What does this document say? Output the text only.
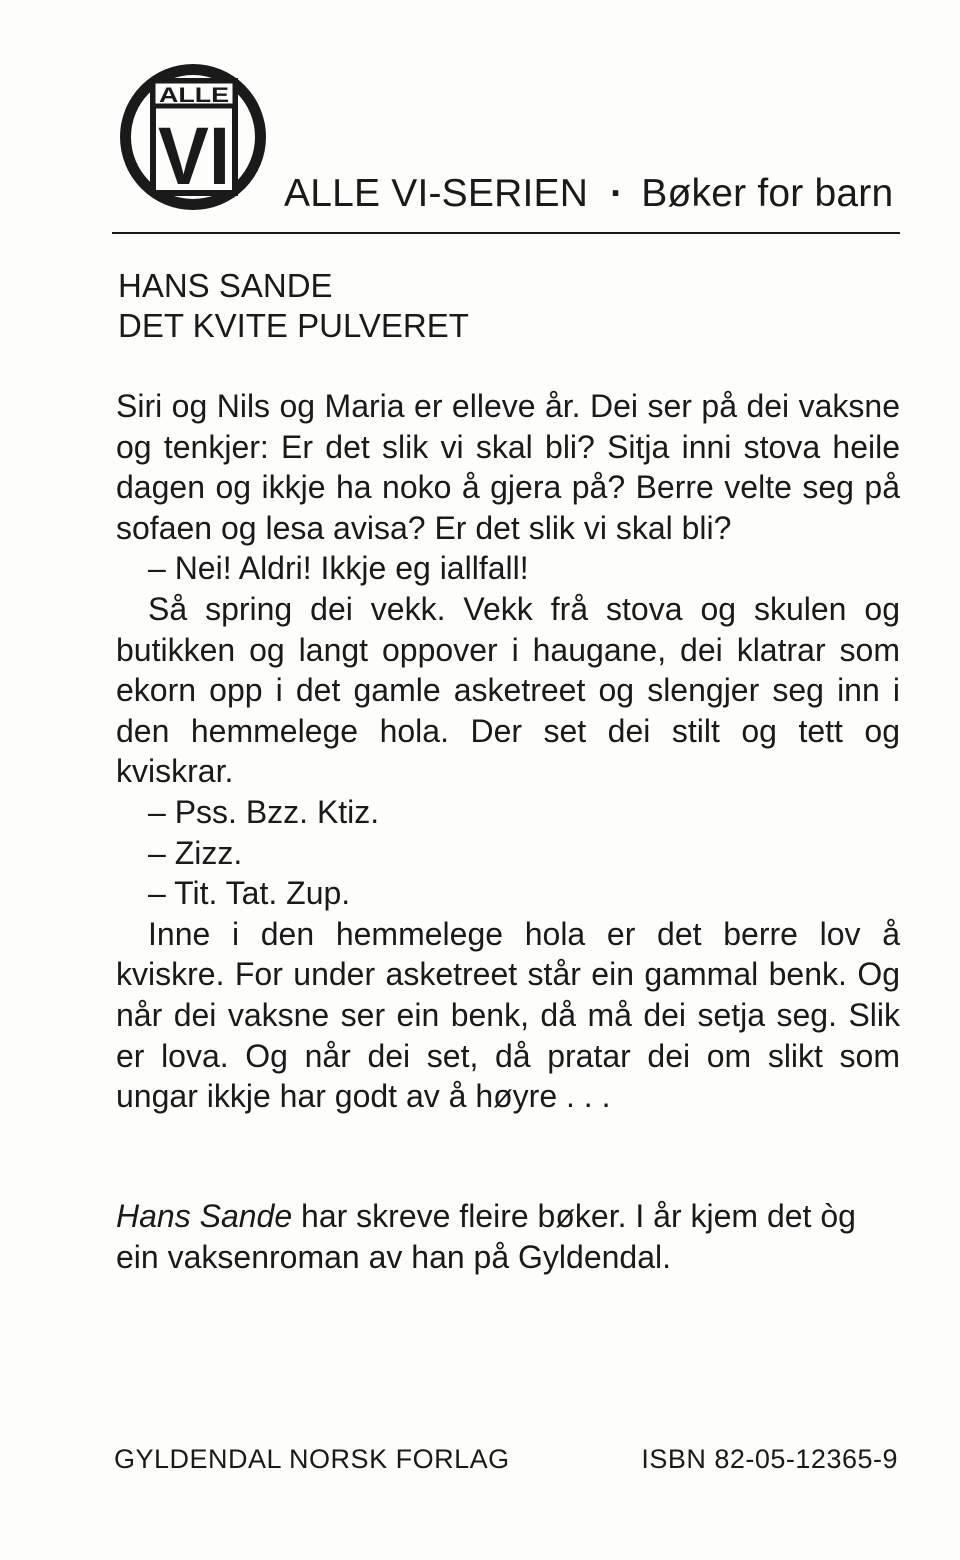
ALLE
VI ALLE VI-SERIEN · Bøker for barn
HANS SANDE
DET KVITE PULVERET

Siri og Nils og Maria er elleve år. Dei ser på dei vaksne og tenkjer: Er det slik vi skal bli? Sitja inni stova heile dagen og ikkje ha noko å gjera på? Berre velte seg på sofaen og lesa avisa? Er det slik vi skal bli?

– Nei! Aldri! Ikkje eg iallfall!

Så spring dei vekk. Vekk frå stova og skulen og butikken og langt oppover i haugane, dei klatrar som ekorn opp i det gamle asketreet og slengjer seg inn i den hemmelege hola. Der set dei stilt og tett og kviskrar.

– Pss. Bzz. Ktiz.

– Zizz.

– Tit. Tat. Zup.

Inne i den hemmelege hola er det berre lov å kviskre. For under asketreet står ein gammal benk. Og når dei vaksne ser ein benk, då må dei setja seg. Slik er lova. Og når dei set, då pratar dei om slikt som ungar ikkje har godt av å høyre . . .

Hans Sande har skreve fleire bøker. I år kjem det òg ein vaksenroman av han på Gyldendal.
GYLDENDAL NORSK FORLAG	ISBN 82-05-12365-9
